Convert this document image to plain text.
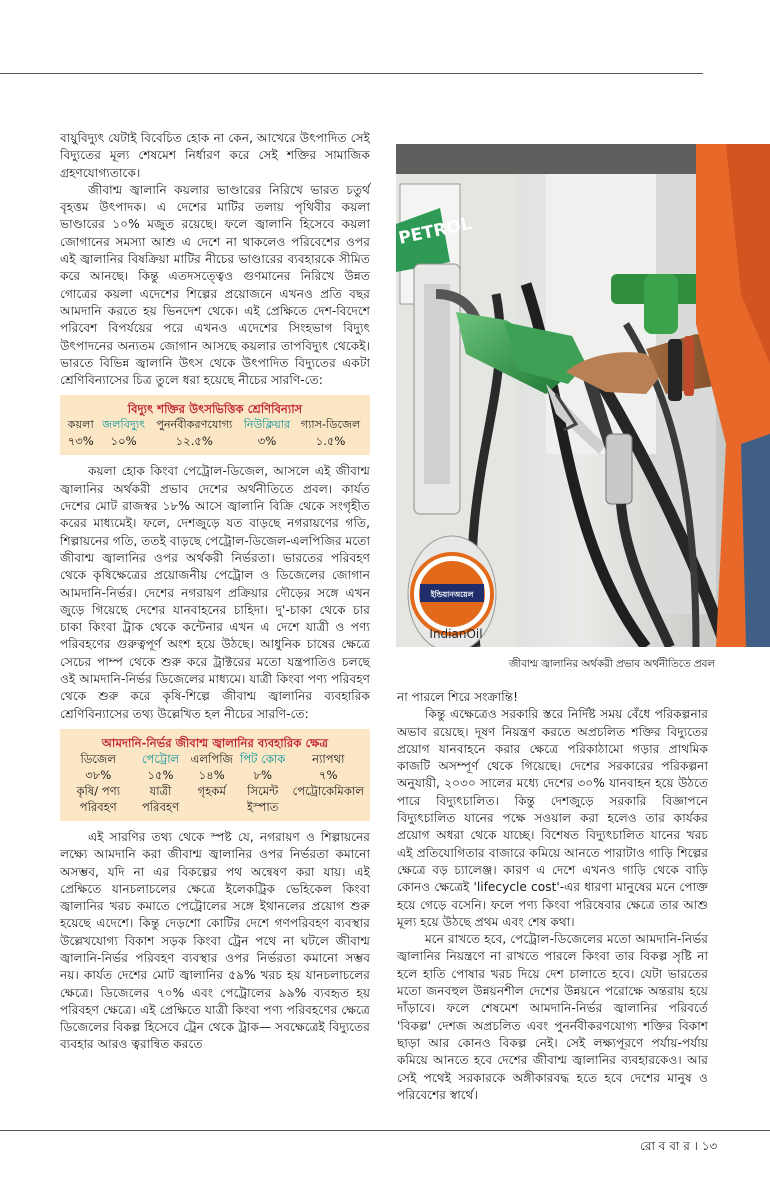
বায়ুবিদ্যুৎ যেটাই বিবেচিত হোক না কেন, আখেরে উৎপাদিত সেই বিদ্যুতের মূল্য শেষমেশ নির্ধারণ করে সেই শক্তির সামাজিক গ্রহণযোগ্যতাকে।

জীবাশ্ম জ্বালানি কয়লার ভাণ্ডারের নিরিখে ভারত চতুর্থ বৃহত্তম উৎপাদক। এ দেশের মাটির তলায় পৃথিবীর কয়লা ভাণ্ডারের ১০% মজুত রয়েছে। ফলে জ্বালানি হিসেবে কয়লা জোগানের সমস্যা আশু এ দেশে না থাকলেও পরিবেশের ওপর এই জ্বালানির বিষক্রিয়া মাটির নীচের ভাণ্ডারের ব্যবহারকে সীমিত করে আনছে। কিন্তু এতদসত্ত্বেও গুণমানের নিরিখে উন্নত গোত্রের কয়লা এদেশের শিল্পের প্রয়োজনে এখনও প্রতি বছর আমদানি করতে হয় ভিনদেশ থেকে। এই প্রেক্ষিতে দেশ-বিদেশে পরিবেশ বিপর্যয়ের পরে এখনও এদেশের সিংহভাগ বিদ্যুৎ উৎপাদনের অন্যতম জোগান আসছে কয়লার তাপবিদ্যুৎ থেকেই। ভারতে বিভিন্ন জ্বালানি উৎস থেকে উৎপাদিত বিদ্যুতের একটা শ্রেণিবিন্যাসের চিত্র তুলে ধরা হয়েছে নীচের সারণি-তে:

বিদ্যুৎ শক্তির উৎসভিত্তিক শ্রেণিবিন্যাস
কয়লা	জলবিদ্যুৎ	পুনর্নবীকরণযোগ্য	নিউক্লিয়ার	গ্যাস-ডিজেল
৭৩%	১০%	১২.৫%	৩%	১.৫%

কয়লা হোক কিংবা পেট্রোল-ডিজেল, আসলে এই জীবাশ্ম জ্বালানির অর্থকরী প্রভাব দেশের অর্থনীতিতে প্রবল। কার্যত দেশের মোট রাজস্বর ১৮% আসে জ্বালানি বিক্রি থেকে সংগৃহীত করের মাধ্যমেই। ফলে, দেশজুড়ে যত বাড়ছে নগরায়ণের গতি, শিল্পায়নের গতি, ততই বাড়ছে পেট্রোল-ডিজেল-এলপিজির মতো জীবাশ্ম জ্বালানির ওপর অর্থকরী নির্ভরতা। ভারতের পরিবহণ থেকে কৃষিক্ষেত্রের প্রয়োজনীয় পেট্রোল ও ডিজেলের জোগান আমদানি-নির্ভর। দেশের নগরায়ণ প্রক্রিয়ার দৌড়ের সঙ্গে এখন জুড়ে গিয়েছে দেশের যানবাহনের চাহিদা। দু'-চাকা থেকে চার চাকা কিংবা ট্রাক থেকে কন্টেনার এখন এ দেশে যাত্রী ও পণ্য পরিবহণের গুরুত্বপূর্ণ অংশ হয়ে উঠছে। আধুনিক চাষের ক্ষেত্রে সেচের পাম্প থেকে শুরু করে ট্রাক্টরের মতো যন্ত্রপাতিও চলছে ওই আমদানি-নির্ভর ডিজেলের মাধ্যমে। যাত্রী কিংবা পণ্য পরিবহণ থেকে শুরু করে কৃষি-শিল্পে জীবাশ্ম জ্বালানির ব্যবহারিক শ্রেণিবিন্যাসের তথ্য উল্লেখিত হল নীচের সারণি-তে:

আমদানি-নির্ভর জীবাশ্ম জ্বালানির ব্যবহারিক ক্ষেত্র
ডিজেল	পেট্রোল	এলপিজি	পিট কোক	ন্যাপথা
৩৮%	১৫%	১৪%	৮%	৭%
কৃষি/ পণ্য পরিবহণ	যাত্রী পরিবহণ	গৃহকর্ম	সিমেন্ট ইস্পাত	পেট্রোকেমিকাল

এই সারণির তথ্য থেকে স্পষ্ট যে, নগরায়ণ ও শিল্পায়নের লক্ষ্যে আমদানি করা জীবাশ্ম জ্বালানির ওপর নির্ভরতা কমানো অসম্ভব, যদি না এর বিকল্পের পথ অন্বেষণ করা যায়। এই প্রেক্ষিতে যানচলাচলের ক্ষেত্রে ইলেকট্রিক ভেহিকেল কিংবা জ্বালানির খরচ কমাতে পেট্রোলের সঙ্গে ইথানলের প্রয়োগ শুরু হয়েছে এদেশে। কিন্তু দেড়শো কোটির দেশে গণপরিবহণ ব্যবস্থার উল্লেখযোগ্য বিকাশ সড়ক কিংবা ট্রেন পথে না ঘটলে জীবাশ্ম জ্বালানি-নির্ভর পরিবহণ ব্যবস্থার ওপর নির্ভরতা কমানো সম্ভব নয়। কার্যত দেশের মোট জ্বালানির ৫৯% খরচ হয় যানচলাচলের ক্ষেত্রে। ডিজেলের ৭০% এবং পেট্রোলের ৯৯% ব্যবহৃত হয় পরিবহণ ক্ষেত্রে। এই প্রেক্ষিতে যাত্রী কিংবা পণ্য পরিবহণের ক্ষেত্রে ডিজেলের বিকল্প হিসেবে ট্রেন থেকে ট্রাক— সবক্ষেত্রেই বিদ্যুতের ব্যবহার আরও ত্বরান্বিত করতে

PETROL
ইন্ডিয়ানঅয়েল
IndianOil
জীবাশ্ম জ্বালানির অর্থকরী প্রভাব অর্থনীতিতে প্রবল

না পারলে শিরে সংক্রান্তি!

কিন্তু এক্ষেত্রেও সরকারি স্তরে নির্দিষ্ট সময় বেঁধে পরিকল্পনার অভাব রয়েছে। দূষণ নিয়ন্ত্রণ করতে অপ্রচলিত শক্তির বিদ্যুতের প্রয়োগ যানবাহনে করার ক্ষেত্রে পরিকাঠামো গড়ার প্রাথমিক কাজটি অসম্পূর্ণ থেকে গিয়েছে। দেশের সরকারের পরিকল্পনা অনুযায়ী, ২০৩০ সালের মধ্যে দেশের ৩০% যানবাহন হয়ে উঠতে পারে বিদ্যুৎচালিত। কিন্তু দেশজুড়ে সরকারি বিজ্ঞাপনে বিদ্যুৎচালিত যানের পক্ষে সওয়াল করা হলেও তার কার্যকর প্রয়োগ অধরা থেকে যাচ্ছে। বিশেষত বিদ্যুৎচালিত যানের খরচ এই প্রতিযোগিতার বাজারে কমিয়ে আনতে পারাটাও গাড়ি শিল্পের ক্ষেত্রে বড় চ্যালেঞ্জ। কারণ এ দেশে এখনও গাড়ি থেকে বাড়ি কোনও ক্ষেত্রেই 'lifecycle cost'-এর ধারণা মানুষের মনে পোক্ত হয়ে গেড়ে বসেনি। ফলে পণ্য কিংবা পরিষেবার ক্ষেত্রে তার আশু মূল্য হয়ে উঠছে প্রথম এবং শেষ কথা।

মনে রাখতে হবে, পেট্রোল-ডিজেলের মতো আমদানি-নির্ভর জ্বালানির নিয়ন্ত্রণে না রাখতে পারলে কিংবা তার বিকল্প সৃষ্টি না হলে হাতি পোষার খরচ দিয়ে দেশ চালাতে হবে। যেটা ভারতের মতো জনবহুল উন্নয়নশীল দেশের উন্নয়নে পরোক্ষে অন্তরায় হয়ে দাঁড়াবে। ফলে শেষমেশ আমদানি-নির্ভর জ্বালানির পরিবর্তে 'বিকল্প' দেশজ অপ্রচলিত এবং পুনর্নবীকরণযোগ্য শক্তির বিকাশ ছাড়া আর কোনও বিকল্প নেই। সেই লক্ষ্যপূরণে পর্যায়-পর্যায় কমিয়ে আনতে হবে দেশের জীবাশ্ম জ্বালানির ব্যবহারকেও। আর সেই পথেই সরকারকে অঙ্গীকারবদ্ধ হতে হবে দেশের মানুষ ও পরিবেশের স্বার্থে।

রো ব বা র । ১৩
